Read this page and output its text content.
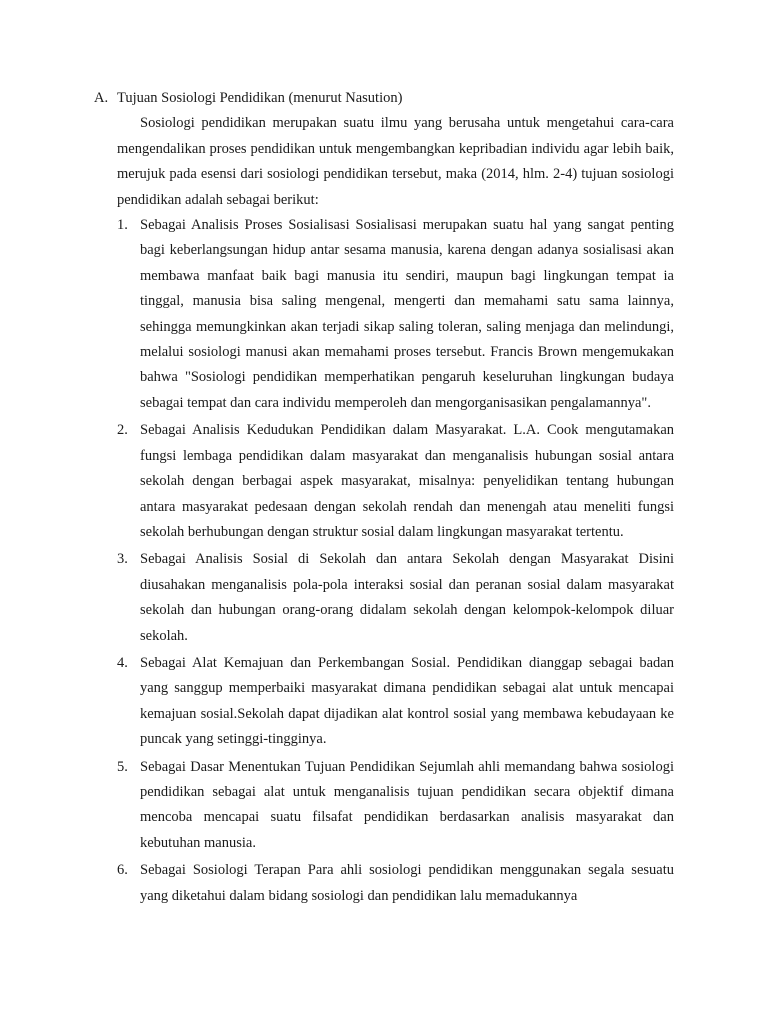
A. Tujuan Sosiologi Pendidikan (menurut Nasution)

Sosiologi pendidikan merupakan suatu ilmu yang berusaha untuk mengetahui cara-cara mengendalikan proses pendidikan untuk mengembangkan kepribadian individu agar lebih baik, merujuk pada esensi dari sosiologi pendidikan tersebut, maka (2014, hlm. 2-4) tujuan sosiologi pendidikan adalah sebagai berikut:

1. Sebagai Analisis Proses Sosialisasi Sosialisasi merupakan suatu hal yang sangat penting bagi keberlangsungan hidup antar sesama manusia, karena dengan adanya sosialisasi akan membawa manfaat baik bagi manusia itu sendiri, maupun bagi lingkungan tempat ia tinggal, manusia bisa saling mengenal, mengerti dan memahami satu sama lainnya, sehingga memungkinkan akan terjadi sikap saling toleran, saling menjaga dan melindungi, melalui sosiologi manusi akan memahami proses tersebut. Francis Brown mengemukakan bahwa "Sosiologi pendidikan memperhatikan pengaruh keseluruhan lingkungan budaya sebagai tempat dan cara individu memperoleh dan mengorganisasikan pengalamannya".
2. Sebagai Analisis Kedudukan Pendidikan dalam Masyarakat. L.A. Cook mengutamakan fungsi lembaga pendidikan dalam masyarakat dan menganalisis hubungan sosial antara sekolah dengan berbagai aspek masyarakat, misalnya: penyelidikan tentang hubungan antara masyarakat pedesaan dengan sekolah rendah dan menengah atau meneliti fungsi sekolah berhubungan dengan struktur sosial dalam lingkungan masyarakat tertentu.
3. Sebagai Analisis Sosial di Sekolah dan antara Sekolah dengan Masyarakat Disini diusahakan menganalisis pola-pola interaksi sosial dan peranan sosial dalam masyarakat sekolah dan hubungan orang-orang didalam sekolah dengan kelompok-kelompok diluar sekolah.
4. Sebagai Alat Kemajuan dan Perkembangan Sosial. Pendidikan dianggap sebagai badan yang sanggup memperbaiki masyarakat dimana pendidikan sebagai alat untuk mencapai kemajuan sosial.Sekolah dapat dijadikan alat kontrol sosial yang membawa kebudayaan ke puncak yang setinggi-tingginya.
5. Sebagai Dasar Menentukan Tujuan Pendidikan Sejumlah ahli memandang bahwa sosiologi pendidikan sebagai alat untuk menganalisis tujuan pendidikan secara objektif dimana mencoba mencapai suatu filsafat pendidikan berdasarkan analisis masyarakat dan kebutuhan manusia.
6. Sebagai Sosiologi Terapan Para ahli sosiologi pendidikan menggunakan segala sesuatu yang diketahui dalam bidang sosiologi dan pendidikan lalu memadukannya
